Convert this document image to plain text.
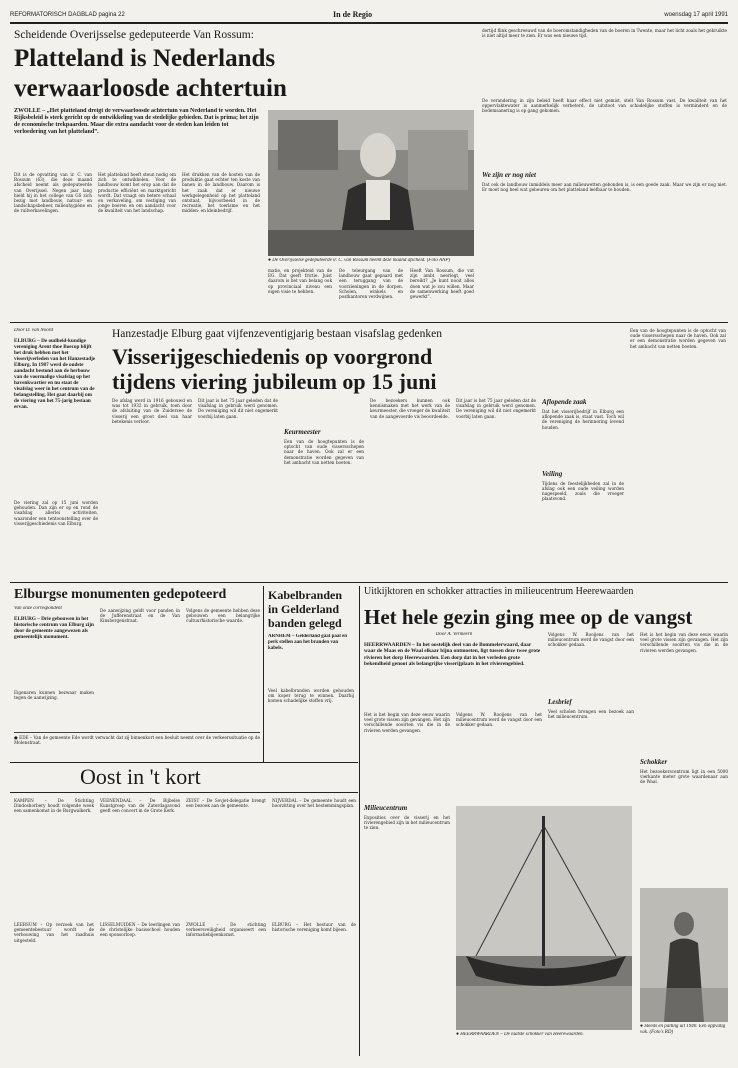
REFORMATORISCH DAGBLAD pagina 22	In de Regio	woensdag 17 april 1991
Scheidende Overijsselse gedeputeerde Van Rossum:
Platteland is Nederlands
verwaarloosde achtertuin
ZWOLLE – „Het platteland dreigt de verwaarloosde achtertuin van Nederland te worden. Het Rijksbeleid is sterk gericht op de ontwikkeling van de stedelijke gebieden. Dat is prima; het zijn de economische trekpaarden. Maar die extra aandacht voor de steden kan leiden tot verloedering van het platteland”.
Dit is de opvatting van ir. C. van Rossum (63), die deze maand afscheid neemt als gedeputeerde van Overijssel. Negen jaar lang hield hij in het college van GS zich bezig met landbouw, natuur- en landschapsbeheer, milieuhygiëne en de ruilverkavelingen.
Het platteland heeft steun nodig om zich te ontwikkelen. Voor de landbouw komt het erop aan dat de productie efficiënt en marktgericht wordt. Dat vraagt om betere schaal en verkaveling, om vestiging van jonge boeren en om aandacht voor de kwaliteit van het landschap.
Het drukken van de kosten van de produktie gaat echter ten koste van banen in de landbouw. Daarom is het zaak dat er nieuwe werkgelegenheid op het platteland ontstaat, bijvoorbeeld in de recreatie, het toerisme en het midden- en kleinbedrijf.
● De Overijsselse gedeputeerde ir. C. van Rossum neemt deze maand afscheid. (Foto ANP)
matie, en projekteid van de EG. Dat geeft frictie. Juist daarom is het van belang ook op provinciaal niveau een eigen visie te hebben.
De teleurgang van de landbouw gaat gepaard met een teruggang van de voorzieningen in de dorpen. Scholen, winkels en postkantoren verdwijnen.
Heeft Van Rossum, die vut zijn ambt neerlegt, veel bereikt? „Je kunt nooit alles doen wat je zou willen. Maar de samenwerking heeft goed gewerkt”.
dertijd flink geschreeuwd van de boeromstandigheden van de boeren in Twente, maar het licht zoals het gebruikte is niet altijd meer te zien. Er was een nieuwe tijd.
De verandering in zijn beleid heeft haar effect niet gemist, stelt Van Rossum vast. De kwaliteit van het oppervlaktewater is aanmerkelijk verbeterd, de uitstoot van schadelijke stoffen is verminderd en de bodemsanering is op gang gekomen.
We zijn er nog niet
Dat ook de landbouw inmiddels meer aan milieuwetten gebonden is, is een goede zaak. Maar we zijn er nog niet. Er moet nog heel wat gebeuren om het platteland leefbaar te houden.
Door D. van Noord
ELBURG – De oudheid-kundige vereniging Arent thoe Boecop blijft het druk hebben met het visserijverleden van het Hanzestadje Elburg. In 1987 werd de oudste aandacht bestond aan de herbouw van de voormalige visafslag op het havenkwartier en nu staat de visafslag weer in het centrum van de belangstelling. Het gaat daarbij om de viering van het 75-jarig bestaan ervan.
De viering zal op 15 juni worden gehouden. Dan zijn er op en rond de visafslag allerlei activiteiten, waaronder een tentoonstelling over de visserijgeschiedenis van Elburg.
Hanzestadje Elburg gaat vijfenzeventigjarig bestaan visafslag gedenken
Visserijgeschiedenis op voorgrond
tijdens viering jubileum op 15 juni
De afslag werd in 1916 gebouwd en was tot 1932 in gebruik, toen door de afsluiting van de Zuiderzee de visserij een groot deel van haar betekenis verloor.
Dit jaar is het 75 jaar geleden dat de visafslag in gebruik werd genomen. De vereniging wil dit niet ongemerkt voorbij laten gaan.
Keurmeester
Een van de hoogtepunten is de optocht van oude vissersschepen naar de haven. Ook zal er een demonstratie worden gegeven van het ambacht van netten boeten.
De bezoekers kunnen ook kennismaken met het werk van de keurmeester, die vroeger de kwaliteit van de aangevoerde vis beoordeelde.
Dit jaar is het 75 jaar geleden dat de visafslag in gebruik werd genomen. De vereniging wil dit niet ongemerkt voorbij laten gaan.
Aflopende zaak
Dat het visserijbedrijf in Elburg een aflopende zaak is, staat vast. Toch wil de vereniging de herinnering levend houden.
Veiling
Tijdens de feestelijkheden zal in de afslag ook een oude veiling worden nagespeeld, zoals die vroeger plaatsvond.
Een van de hoogtepunten is de optocht van oude vissersschepen naar de haven. Ook zal er een demonstratie worden gegeven van het ambacht van netten boeten.
Elburgse monumenten gedepoteerd
Van onze correspondent
ELBURG – Drie gebouwen in het historische centrum van Elburg zijn door de gemeente aangewezen als gemeentelijk monument.
De aanwijzing geldt voor panden in de Jufferenstraat en de Van Kinsbergenstraat.
Volgens de gemeente hebben deze gebouwen een belangrijke cultuurhistorische waarde.
Eigenaren kunnen bezwaar maken tegen de aanwijzing.
● EDE – Van de gemeente Ede wordt verwacht dat zij binnenkort een besluit neemt over de verkeerssituatie op de Molenstraat.
Kabelbranden
in Gelderland
banden gelegd
ARNHEM – Gelderland gaat paal en perk stellen aan het branden van kabels.
Veel kabelbranden worden gehouden om koper terug te winnen. Daarbij komen schadelijke stoffen vrij.
Uitkijktoren en schokker attracties in milieucentrum Heerewaarden
Het hele gezin ging mee op de vangst
Door A. Vermeern
HEERRWAARDEN – In het oostelijk deel van de Bommelerwaard, daar waar de Maas en de Waal elkaar bijna ontmoeten, ligt tussen deze twee grote rivieren het dorp Heerewaarden. Een dorp dat in het verleden grote bekendheid genoot als belangrijke visserijplaats in het rivierengebied.
Het is het begin van deze eeuw waarin veel grote vissen zijn gevangen. Het zijn verschillende sooirten vis die in de rivieren werden gevangen.
Volgens W. Rooijens van het milieucentrum werd de vangst door een schokker gedaan.
Milieucentrum
Exposities over de visserij en het rivierengebied zijn in het milieucentrum te zien.
Volgens W. Rooijens van het milieucentrum werd de vangst door een schokker gedaan.
Lesbrief
Veel scholen brengen een bezoek aan het milieucentrum.
Het is het begin van deze eeuw waarin veel grote vissen zijn gevangen. Het zijn verschillende sooirten vis die in de rivieren werden gevangen.
Schokker
Het bezoekerscentrum ligt in een 5000 vierkante meter grote waardenaar aan de Waal.
● HEERRWAARDEN – De laatste schokker van Heerewaarden.
● Steeds en palling uit 1940. Een oppvatig vak. (Foto's RD)
Oost in 't kort
KAMPEN – De Stichting Dindoshorbery houdt volgende week een samenkomst in de Burgwalkerk.
LEERSUM – Op verzoek van het gemeentebestuur wordt de verbouwing van het raadhuis uitgesteld.
VEENENDAAL – De Bijbelse Kunstgroep van de Zaterdagavond geeft een concert in de Grote Kerk.
LISSELMUIDEN – De leerlingen van de christelijke basisschool houden een sponsorloop.
ZEIST – De Sovjet-delegatie brengt een bezoek aan de gemeente.
ZWOLLE – De stichting verkeersveiligheid organiseert een informatiebijeenkomst.
NIJVERDAL – De gemeente houdt een hoorzitting over het bestemmingsplan.
ELBURG – Het bestuur van de historische vereniging komt bijeen.
